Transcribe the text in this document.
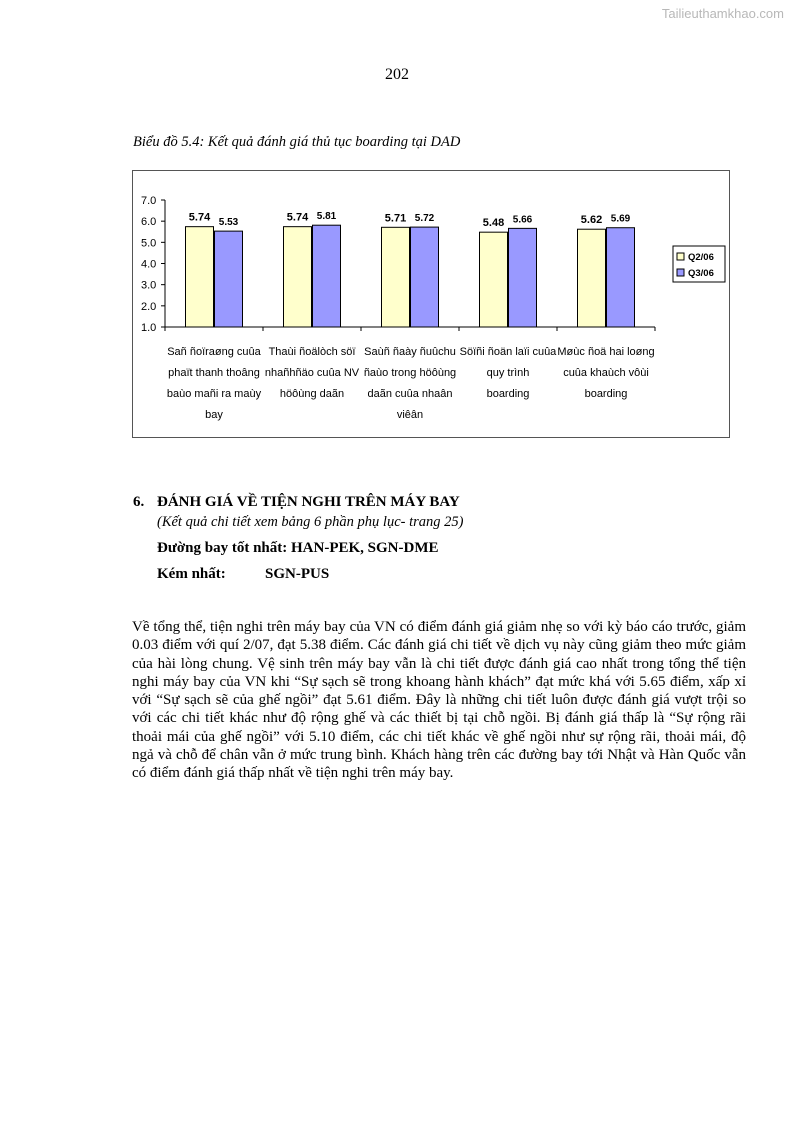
Tailieuthamkhao.com
202
Biểu đồ 5.4: Kết quả đánh giá thủ tục boarding tại DAD
7.0
6.0
5.0
4.0
3.0
2.0
1.0
5.74 5.53
Sañ ñoïraøng cuûa
phaït thanh thoâng
baùo mañi ra maùy
bay
5.74 5.81
Thaùi ñoälòch söï
nhañhñäo cuûa NV
höôùng daãn
5.71 5.72
Saùñ ñaày ñuûchu
ñaùo trong höôùng
daãn cuûa nhaân
viêân
5.48 5.66
Söïñi ñoän laïi cuûa
quy trình
boarding
5.62 5.69
Møùc ñoä hai loøng
cuûa khaùch vôùi
boarding
Q2/06
Q3/06
6. ĐÁNH GIÁ VỀ TIỆN NGHI TRÊN MÁY BAY
(Kết quả chi tiết xem bảng 6 phần phụ lục- trang 25)
Đường bay tốt nhất: HAN-PEK, SGN-DME
Kém nhất:	SGN-PUS
Về tổng thể, tiện nghi trên máy bay của VN có điểm đánh giá giảm nhẹ so với kỳ báo cáo trước, giảm 0.03 điểm với quí 2/07, đạt 5.38 điểm. Các đánh giá chi tiết về dịch vụ này cũng giảm theo mức giảm của hài lòng chung. Vệ sinh trên máy bay vẫn là chi tiết được đánh giá cao nhất trong tổng thể tiện nghi máy bay của VN khi “Sự sạch sẽ trong khoang hành khách” đạt mức khá với 5.65 điểm, xấp xỉ với “Sự sạch sẽ của ghế ngồi” đạt 5.61 điểm. Đây là những chi tiết luôn được đánh giá vượt trội so với các chi tiết khác như độ rộng ghế và các thiết bị tại chỗ ngồi. Bị đánh giá thấp là “Sự rộng rãi thoải mái của ghế ngồi” với 5.10 điểm, các chi tiết khác về ghế ngồi như sự rộng rãi, thoải mái, độ ngả và chỗ để chân vẫn ở mức trung bình. Khách hàng trên các đường bay tới Nhật và Hàn Quốc vẫn có điểm đánh giá thấp nhất về tiện nghi trên máy bay.
